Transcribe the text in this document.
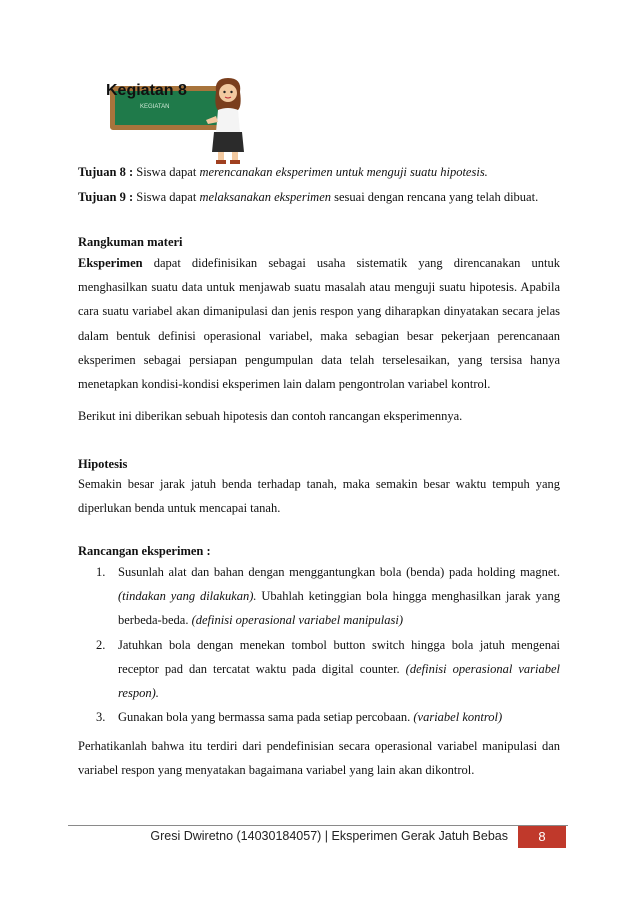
Kegiatan 8
KEGIATAN
Tujuan 8 : Siswa dapat merencanakan eksperimen untuk menguji suatu hipotesis.
Tujuan 9 : Siswa dapat melaksanakan eksperimen sesuai dengan rencana yang telah dibuat.
Rangkuman materi
Eksperimen dapat didefinisikan sebagai usaha sistematik yang direncanakan untuk menghasilkan suatu data untuk menjawab suatu masalah atau menguji suatu hipotesis. Apabila cara suatu variabel akan dimanipulasi dan jenis respon yang diharapkan dinyatakan secara jelas dalam bentuk definisi operasional variabel, maka sebagian besar pekerjaan perencanaan eksperimen sebagai persiapan pengumpulan data telah terselesaikan, yang tersisa hanya menetapkan kondisi-kondisi eksperimen lain dalam pengontrolan variabel kontrol.
Berikut ini diberikan sebuah hipotesis dan contoh rancangan eksperimennya.
Hipotesis
Semakin besar jarak jatuh benda terhadap tanah, maka semakin besar waktu tempuh yang diperlukan benda untuk mencapai tanah.
Rancangan eksperimen :
1. Susunlah alat dan bahan dengan menggantungkan bola (benda) pada holding magnet. (tindakan yang dilakukan). Ubahlah ketinggian bola hingga menghasilkan jarak yang berbeda-beda. (definisi operasional variabel manipulasi)
2. Jatuhkan bola dengan menekan tombol button switch hingga bola jatuh mengenai receptor pad dan tercatat waktu pada digital counter. (definisi operasional variabel respon).
3. Gunakan bola yang bermassa sama pada setiap percobaan. (variabel kontrol)
Perhatikanlah bahwa itu terdiri dari pendefinisian secara operasional variabel manipulasi dan variabel respon yang menyatakan bagaimana variabel yang lain akan dikontrol.
Gresi Dwiretno (14030184057) | Eksperimen Gerak Jatuh Bebas	8
